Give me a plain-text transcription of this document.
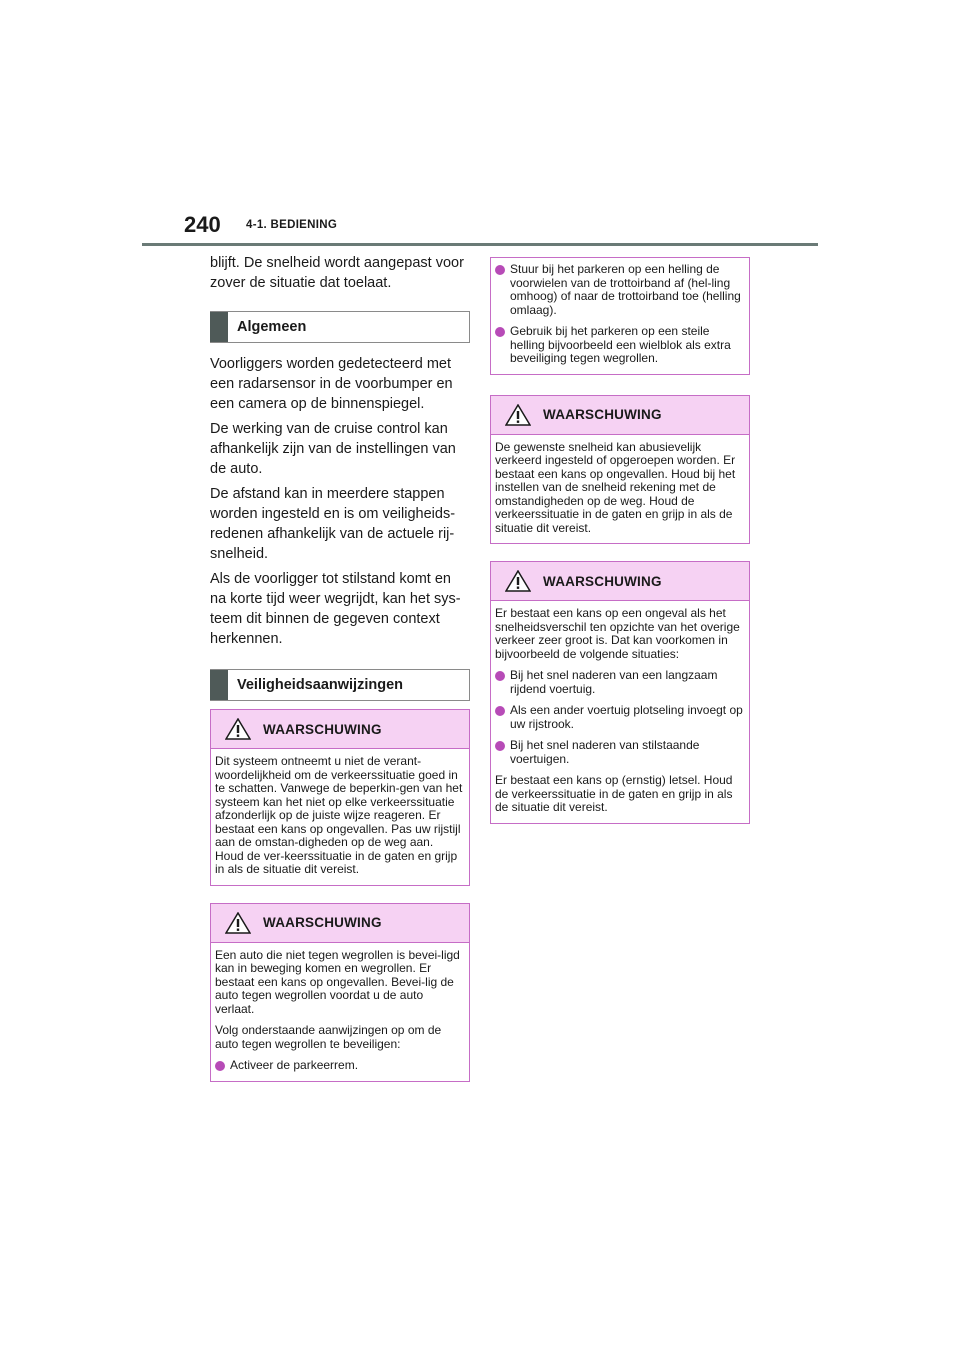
240 4-1. BEDIENING

blijft. De snelheid wordt aangepast voor zover de situatie dat toelaat.

Algemeen

Voorliggers worden gedetecteerd met een radarsensor in de voorbumper en een camera op de binnenspiegel.

De werking van de cruise control kan afhankelijk zijn van de instellingen van de auto.

De afstand kan in meerdere stappen worden ingesteld en is om veiligheids-redenen afhankelijk van de actuele rij-snelheid.

Als de voorligger tot stilstand komt en na korte tijd weer wegrijdt, kan het sys-teem dit binnen de gegeven context herkennen.

Veiligheidsaanwijzingen
WAARSCHUWING

Dit systeem ontneemt u niet de verant-woordelijkheid om de verkeerssituatie goed in te schatten. Vanwege de beperkin-gen van het systeem kan het niet op elke verkeerssituatie afzonderlijk op de juiste wijze reageren. Er bestaat een kans op ongevallen. Pas uw rijstijl aan de omstan-digheden op de weg aan. Houd de ver-keerssituatie in de gaten en grijp in als de situatie dit vereist.

WAARSCHUWING

Een auto die niet tegen wegrollen is bevei-ligd kan in beweging komen en wegrollen. Er bestaat een kans op ongevallen. Bevei-lig de auto tegen wegrollen voordat u de auto verlaat.

Volg onderstaande aanwijzingen op om de auto tegen wegrollen te beveiligen:

Activeer de parkeerrem.
Stuur bij het parkeren op een helling de voorwielen van de trottoirband af (hel-ling omhoog) of naar de trottoirband toe (helling omlaag).
Gebruik bij het parkeren op een steile helling bijvoorbeeld een wielblok als extra beveiliging tegen wegrollen.
WAARSCHUWING

De gewenste snelheid kan abusievelijk verkeerd ingesteld of opgeroepen worden. Er bestaat een kans op ongevallen. Houd bij het instellen van de snelheid rekening met de omstandigheden op de weg. Houd de verkeerssituatie in de gaten en grijp in als de situatie dit vereist.

WAARSCHUWING

Er bestaat een kans op een ongeval als het snelheidsverschil ten opzichte van het overige verkeer zeer groot is. Dat kan voorkomen in bijvoorbeeld de volgende situaties:

Bij het snel naderen van een langzaam rijdend voertuig.
Als een ander voertuig plotseling invoegt op uw rijstrook.
Bij het snel naderen van stilstaande voertuigen.

Er bestaat een kans op (ernstig) letsel. Houd de verkeerssituatie in de gaten en grijp in als de situatie dit vereist.
